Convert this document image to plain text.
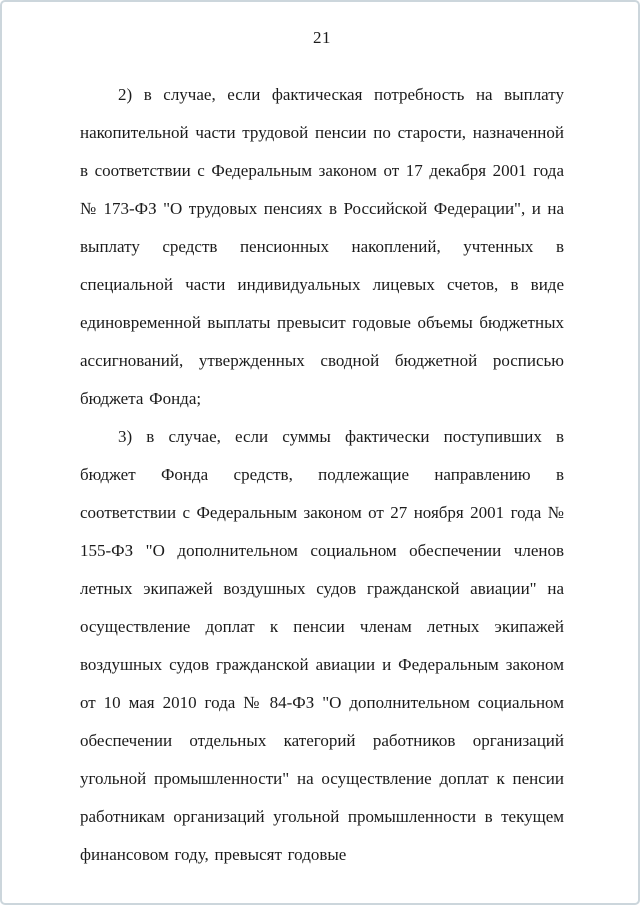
21

2) в случае, если фактическая потребность на выплату накопительной части трудовой пенсии по старости, назначенной в соответствии с Федеральным законом от 17 декабря 2001 года № 173-ФЗ "О трудовых пенсиях в Российской Федерации", и на выплату средств пенсионных накоплений, учтенных в специальной части индивидуальных лицевых счетов, в виде единовременной выплаты превысит годовые объемы бюджетных ассигнований, утвержденных сводной бюджетной росписью бюджета Фонда;

3) в случае, если суммы фактически поступивших в бюджет Фонда средств, подлежащие направлению в соответствии с Федеральным законом от 27 ноября 2001 года № 155-ФЗ "О дополнительном социальном обеспечении членов летных экипажей воздушных судов гражданской авиации" на осуществление доплат к пенсии членам летных экипажей воздушных судов гражданской авиации и Федеральным законом от 10 мая 2010 года № 84-ФЗ "О дополнительном социальном обеспечении отдельных категорий работников организаций угольной промышленности" на осуществление доплат к пенсии работникам организаций угольной промышленности в текущем финансовом году, превысят годовые
